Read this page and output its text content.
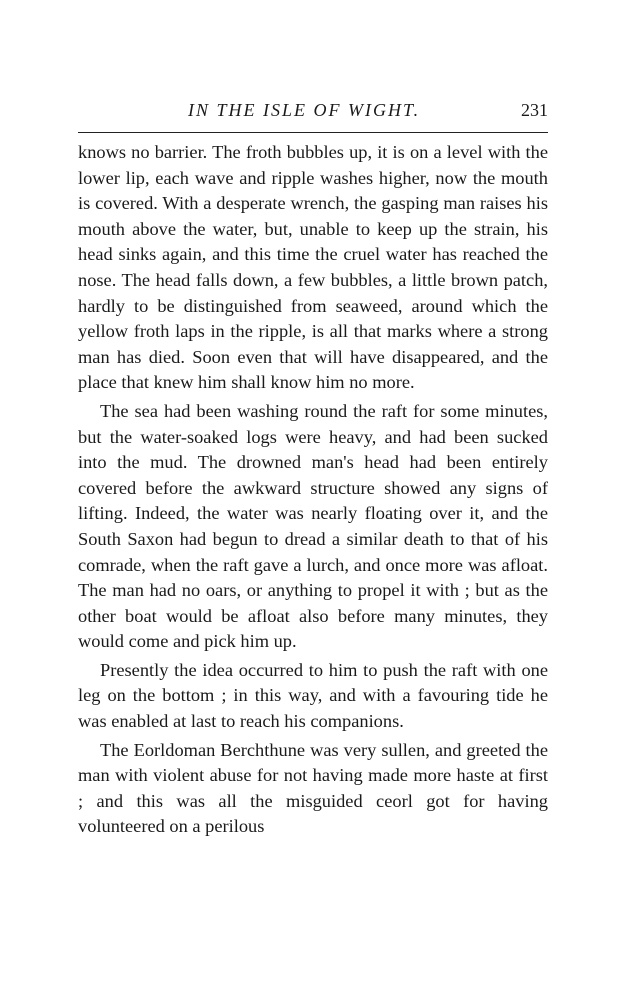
IN THE ISLE OF WIGHT.	231

knows no barrier. The froth bubbles up, it is on a level with the lower lip, each wave and ripple washes higher, now the mouth is covered. With a desperate wrench, the gasping man raises his mouth above the water, but, unable to keep up the strain, his head sinks again, and this time the cruel water has reached the nose. The head falls down, a few bubbles, a little brown patch, hardly to be distinguished from seaweed, around which the yellow froth laps in the ripple, is all that marks where a strong man has died. Soon even that will have disappeared, and the place that knew him shall know him no more.

The sea had been washing round the raft for some minutes, but the water-soaked logs were heavy, and had been sucked into the mud. The drowned man's head had been entirely covered before the awkward structure showed any signs of lifting. Indeed, the water was nearly floating over it, and the South Saxon had begun to dread a similar death to that of his comrade, when the raft gave a lurch, and once more was afloat. The man had no oars, or anything to propel it with ; but as the other boat would be afloat also before many minutes, they would come and pick him up.

Presently the idea occurred to him to push the raft with one leg on the bottom ; in this way, and with a favouring tide he was enabled at last to reach his companions.

The Eorldoman Berchthune was very sullen, and greeted the man with violent abuse for not having made more haste at first ; and this was all the misguided ceorl got for having volunteered on a perilous
